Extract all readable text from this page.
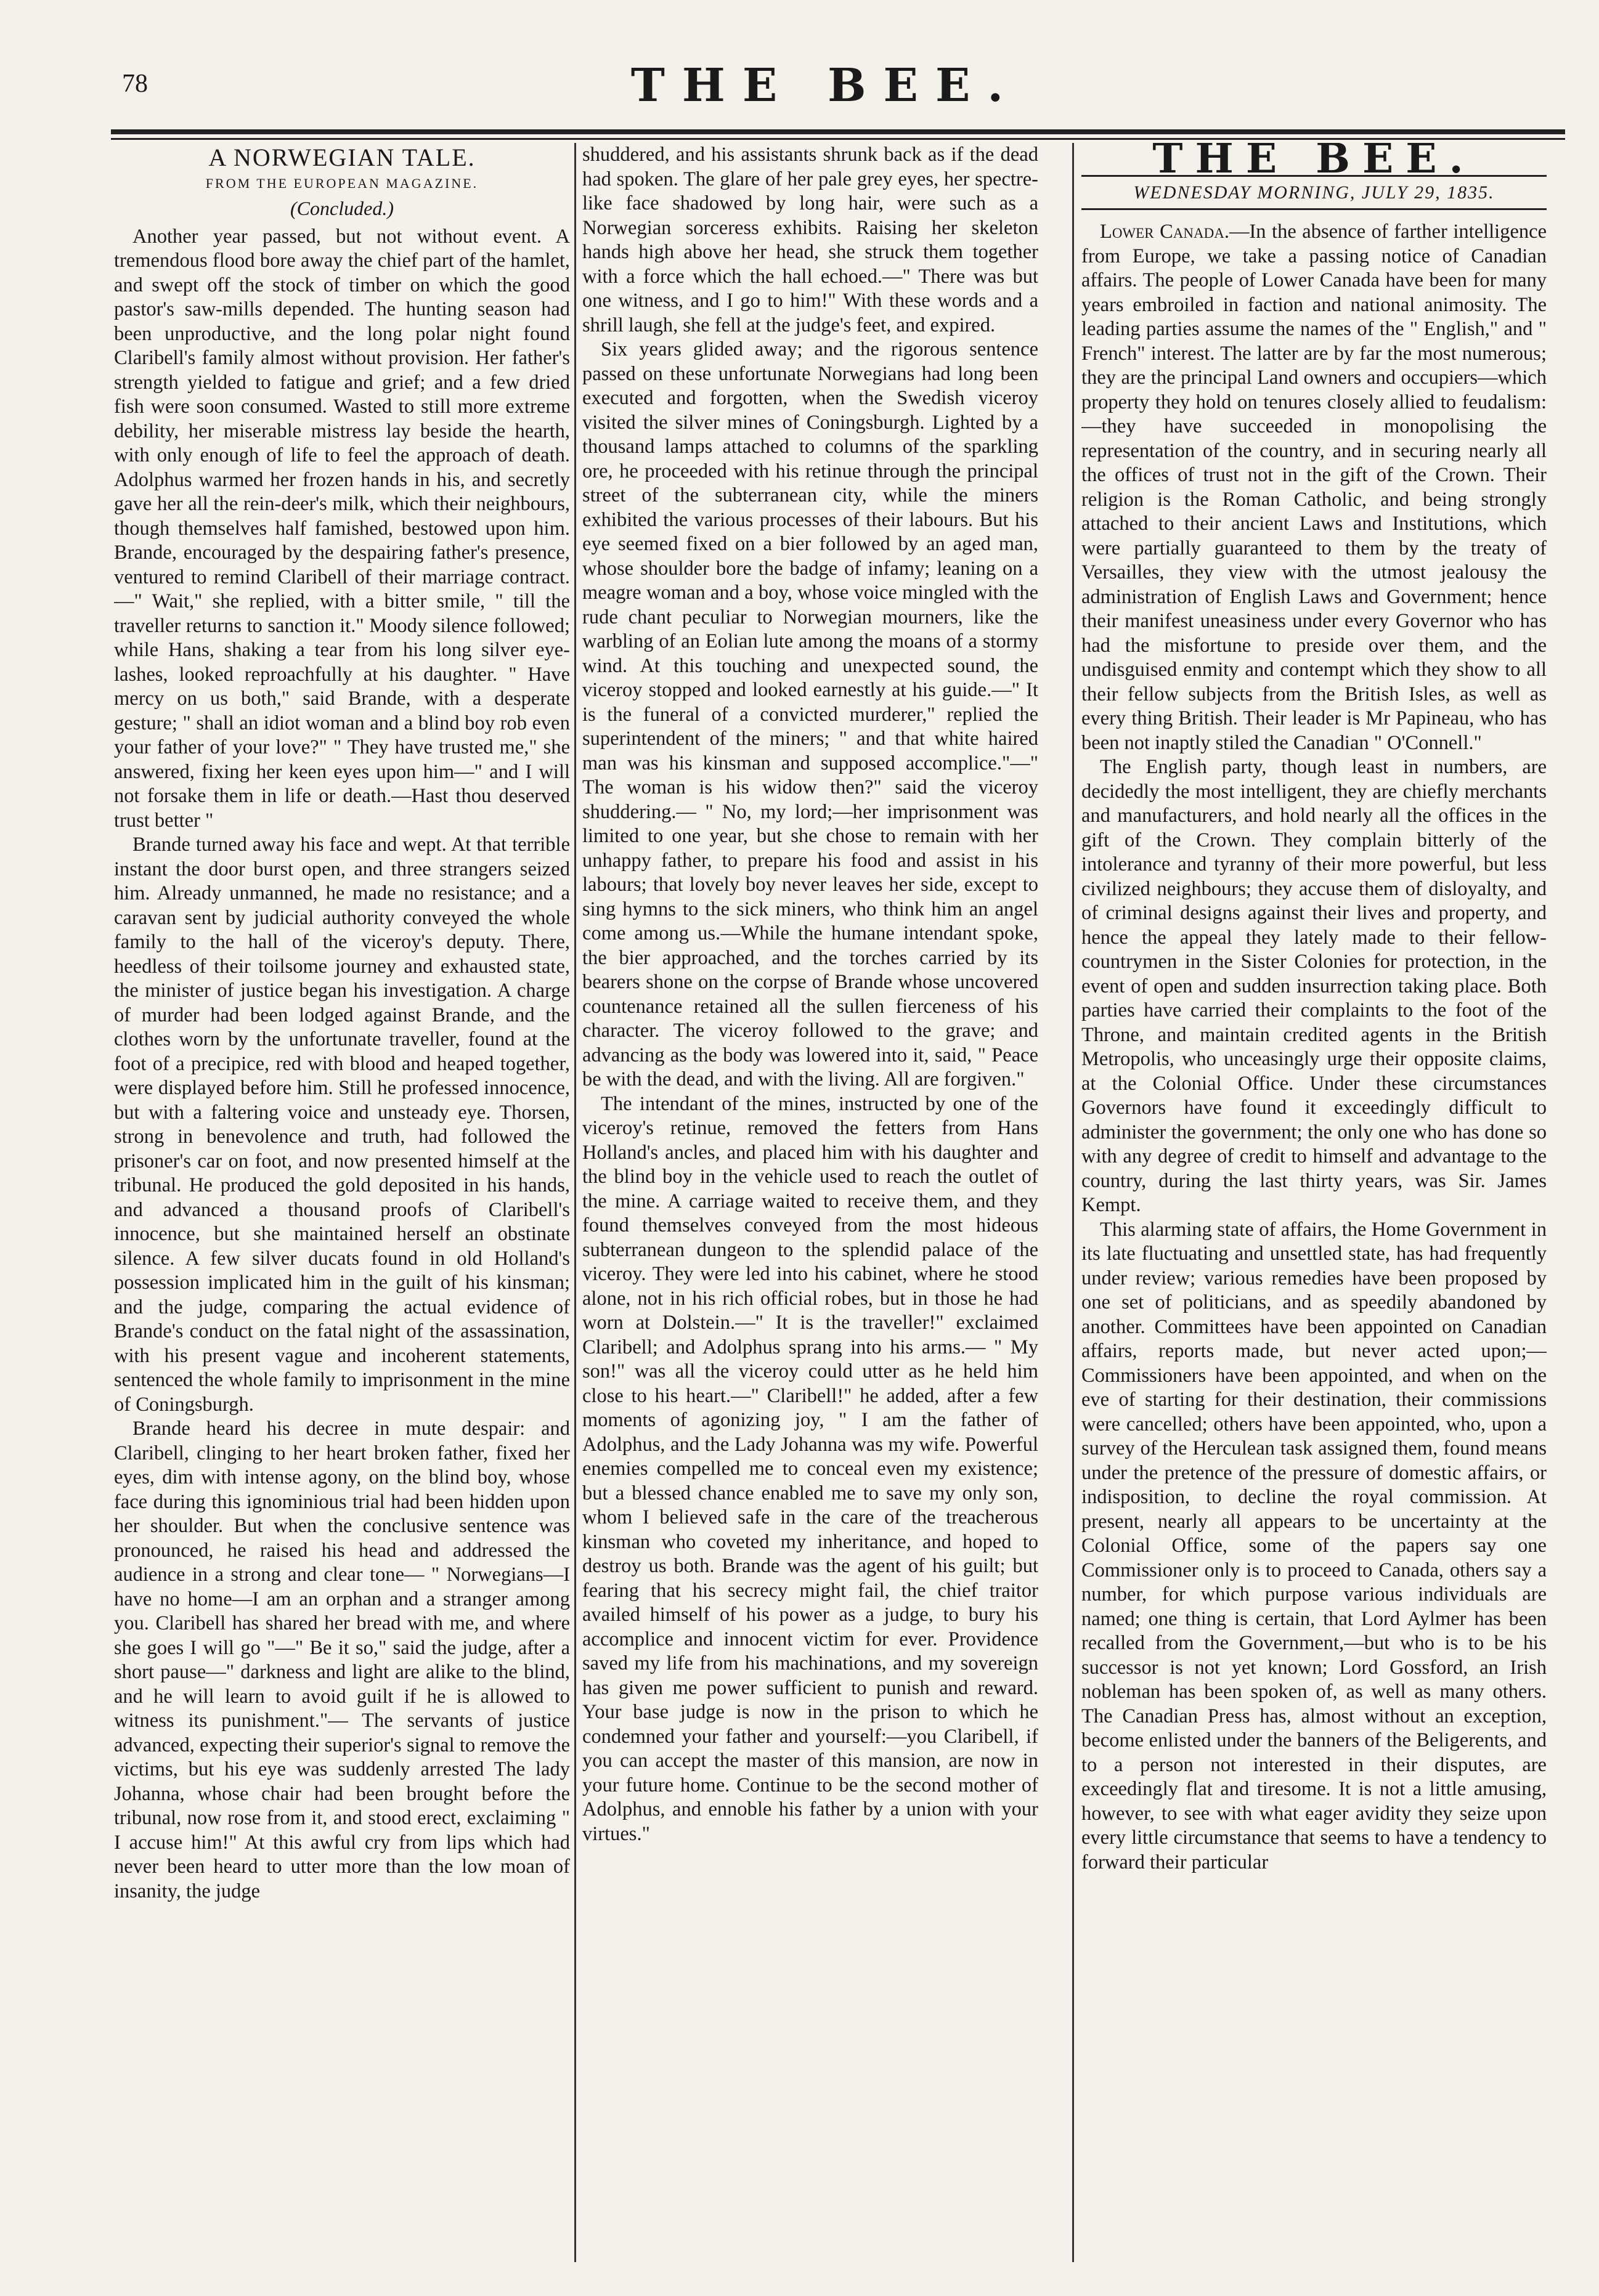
78	THE BEE.
A NORWEGIAN TALE.
FROM THE EUROPEAN MAGAZINE.
(Concluded.)

Another year passed, but not without event. A tremendous flood bore away the chief part of the hamlet, and swept off the stock of timber on which the good pastor's saw-mills depended. The hunting season had been unproductive, and the long polar night found Claribell's family almost without provision. Her father's strength yielded to fatigue and grief; and a few dried fish were soon consumed. Wasted to still more extreme debility, her miserable mistress lay beside the hearth, with only enough of life to feel the approach of death. Adolphus warmed her frozen hands in his, and secretly gave her all the rein-deer's milk, which their neighbours, though themselves half famished, bestowed upon him. Brande, encouraged by the despairing father's presence, ventured to remind Claribell of their marriage contract.—" Wait," she replied, with a bitter smile, " till the traveller returns to sanction it." Moody silence followed; while Hans, shaking a tear from his long silver eye-lashes, looked reproachfully at his daughter. " Have mercy on us both," said Brande, with a desperate gesture; " shall an idiot woman and a blind boy rob even your father of your love?" " They have trusted me," she answered, fixing her keen eyes upon him—" and I will not forsake them in life or death.—Hast thou deserved trust better "

Brande turned away his face and wept. At that terrible instant the door burst open, and three strangers seized him. Already unmanned, he made no resistance; and a caravan sent by judicial authority conveyed the whole family to the hall of the viceroy's deputy. There, heedless of their toilsome journey and exhausted state, the minister of justice began his investigation. A charge of murder had been lodged against Brande, and the clothes worn by the unfortunate traveller, found at the foot of a precipice, red with blood and heaped together, were displayed before him. Still he professed innocence, but with a faltering voice and unsteady eye. Thorsen, strong in benevolence and truth, had followed the prisoner's car on foot, and now presented himself at the tribunal. He produced the gold deposited in his hands, and advanced a thousand proofs of Claribell's innocence, but she maintained herself an obstinate silence. A few silver ducats found in old Holland's possession implicated him in the guilt of his kinsman; and the judge, comparing the actual evidence of Brande's conduct on the fatal night of the assassination, with his present vague and incoherent statements, sentenced the whole family to imprisonment in the mine of Coningsburgh.

Brande heard his decree in mute despair: and Claribell, clinging to her heart broken father, fixed her eyes, dim with intense agony, on the blind boy, whose face during this ignominious trial had been hidden upon her shoulder. But when the conclusive sentence was pronounced, he raised his head and addressed the audience in a strong and clear tone— " Norwegians—I have no home—I am an orphan and a stranger among you. Claribell has shared her bread with me, and where she goes I will go "—" Be it so," said the judge, after a short pause—" darkness and light are alike to the blind, and he will learn to avoid guilt if he is allowed to witness its punishment."— The servants of justice advanced, expecting their superior's signal to remove the victims, but his eye was suddenly arrested The lady Johanna, whose chair had been brought before the tribunal, now rose from it, and stood erect, exclaiming " I accuse him!" At this awful cry from lips which had never been heard to utter more than the low moan of insanity, the judge

shuddered, and his assistants shrunk back as if the dead had spoken. The glare of her pale grey eyes, her spectre-like face shadowed by long hair, were such as a Norwegian sorceress exhibits. Raising her skeleton hands high above her head, she struck them together with a force which the hall echoed.—" There was but one witness, and I go to him!" With these words and a shrill laugh, she fell at the judge's feet, and expired.

Six years glided away; and the rigorous sentence passed on these unfortunate Norwegians had long been executed and forgotten, when the Swedish viceroy visited the silver mines of Coningsburgh. Lighted by a thousand lamps attached to columns of the sparkling ore, he proceeded with his retinue through the principal street of the subterranean city, while the miners exhibited the various processes of their labours. But his eye seemed fixed on a bier followed by an aged man, whose shoulder bore the badge of infamy; leaning on a meagre woman and a boy, whose voice mingled with the rude chant peculiar to Norwegian mourners, like the warbling of an Eolian lute among the moans of a stormy wind. At this touching and unexpected sound, the viceroy stopped and looked earnestly at his guide.—" It is the funeral of a convicted murderer," replied the superintendent of the miners; " and that white haired man was his kinsman and supposed accomplice."—" The woman is his widow then?" said the viceroy shuddering.— " No, my lord;—her imprisonment was limited to one year, but she chose to remain with her unhappy father, to prepare his food and assist in his labours; that lovely boy never leaves her side, except to sing hymns to the sick miners, who think him an angel come among us.—While the humane intendant spoke, the bier approached, and the torches carried by its bearers shone on the corpse of Brande whose uncovered countenance retained all the sullen fierceness of his character. The viceroy followed to the grave; and advancing as the body was lowered into it, said, " Peace be with the dead, and with the living. All are forgiven."

The intendant of the mines, instructed by one of the viceroy's retinue, removed the fetters from Hans Holland's ancles, and placed him with his daughter and the blind boy in the vehicle used to reach the outlet of the mine. A carriage waited to receive them, and they found themselves conveyed from the most hideous subterranean dungeon to the splendid palace of the viceroy. They were led into his cabinet, where he stood alone, not in his rich official robes, but in those he had worn at Dolstein.—" It is the traveller!" exclaimed Claribell; and Adolphus sprang into his arms.— " My son!" was all the viceroy could utter as he held him close to his heart.—" Claribell!" he added, after a few moments of agonizing joy, " I am the father of Adolphus, and the Lady Johanna was my wife. Powerful enemies compelled me to conceal even my existence; but a blessed chance enabled me to save my only son, whom I believed safe in the care of the treacherous kinsman who coveted my inheritance, and hoped to destroy us both. Brande was the agent of his guilt; but fearing that his secrecy might fail, the chief traitor availed himself of his power as a judge, to bury his accomplice and innocent victim for ever. Providence saved my life from his machinations, and my sovereign has given me power sufficient to punish and reward. Your base judge is now in the prison to which he condemned your father and yourself:—you Claribell, if you can accept the master of this mansion, are now in your future home. Continue to be the second mother of Adolphus, and ennoble his father by a union with your virtues."

THE BEE.
WEDNESDAY MORNING, JULY 29, 1835.

Lower Canada.—In the absence of farther intelligence from Europe, we take a passing notice of Canadian affairs. The people of Lower Canada have been for many years embroiled in faction and national animosity. The leading parties assume the names of the " English," and " French" interest. The latter are by far the most numerous; they are the principal Land owners and occupiers—which property they hold on tenures closely allied to feudalism:—they have succeeded in monopolising the representation of the country, and in securing nearly all the offices of trust not in the gift of the Crown. Their religion is the Roman Catholic, and being strongly attached to their ancient Laws and Institutions, which were partially guaranteed to them by the treaty of Versailles, they view with the utmost jealousy the administration of English Laws and Government; hence their manifest uneasiness under every Governor who has had the misfortune to preside over them, and the undisguised enmity and contempt which they show to all their fellow subjects from the British Isles, as well as every thing British. Their leader is Mr Papineau, who has been not inaptly stiled the Canadian " O'Connell."

The English party, though least in numbers, are decidedly the most intelligent, they are chiefly merchants and manufacturers, and hold nearly all the offices in the gift of the Crown. They complain bitterly of the intolerance and tyranny of their more powerful, but less civilized neighbours; they accuse them of disloyalty, and of criminal designs against their lives and property, and hence the appeal they lately made to their fellow-countrymen in the Sister Colonies for protection, in the event of open and sudden insurrection taking place. Both parties have carried their complaints to the foot of the Throne, and maintain credited agents in the British Metropolis, who unceasingly urge their opposite claims, at the Colonial Office. Under these circumstances Governors have found it exceedingly difficult to administer the government; the only one who has done so with any degree of credit to himself and advantage to the country, during the last thirty years, was Sir. James Kempt.

This alarming state of affairs, the Home Government in its late fluctuating and unsettled state, has had frequently under review; various remedies have been proposed by one set of politicians, and as speedily abandoned by another. Committees have been appointed on Canadian affairs, reports made, but never acted upon;—Commissioners have been appointed, and when on the eve of starting for their destination, their commissions were cancelled; others have been appointed, who, upon a survey of the Herculean task assigned them, found means under the pretence of the pressure of domestic affairs, or indisposition, to decline the royal commission. At present, nearly all appears to be uncertainty at the Colonial Office, some of the papers say one Commissioner only is to proceed to Canada, others say a number, for which purpose various individuals are named; one thing is certain, that Lord Aylmer has been recalled from the Government,—but who is to be his successor is not yet known; Lord Gossford, an Irish nobleman has been spoken of, as well as many others. The Canadian Press has, almost without an exception, become enlisted under the banners of the Beligerents, and to a person not interested in their disputes, are exceedingly flat and tiresome. It is not a little amusing, however, to see with what eager avidity they seize upon every little circumstance that seems to have a tendency to forward their particular
